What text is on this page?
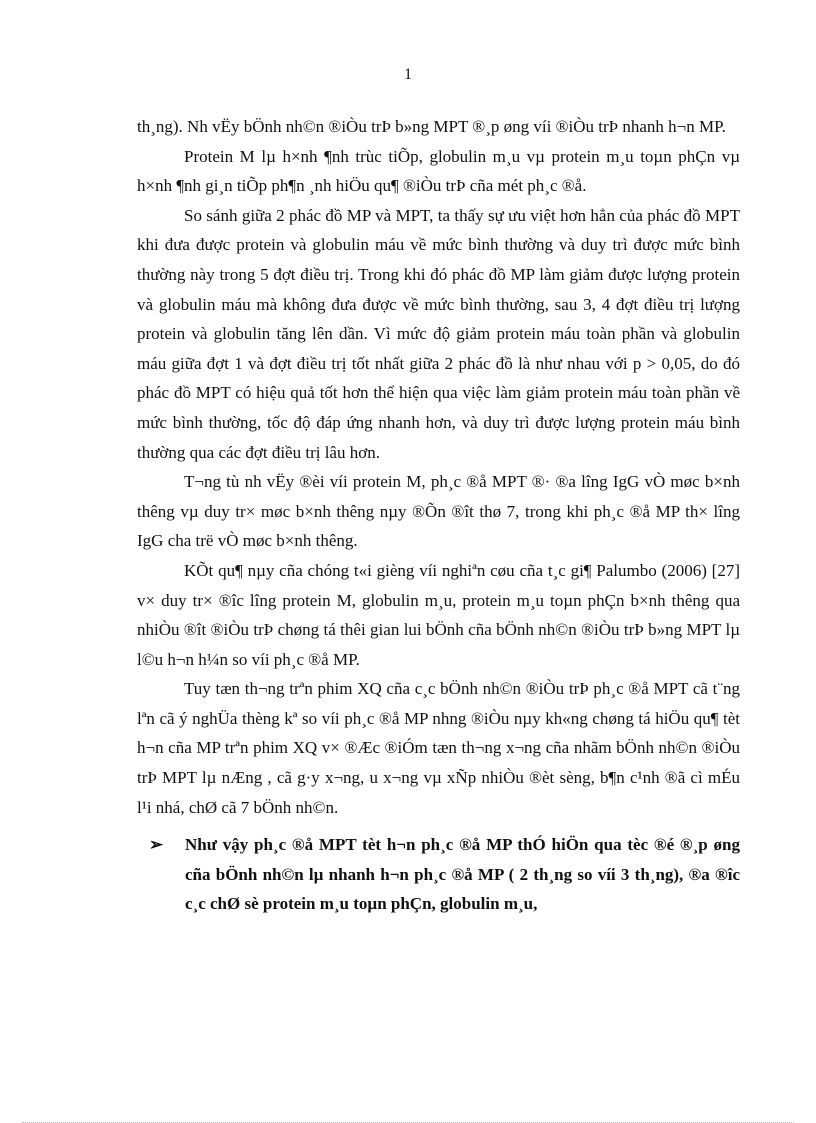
1

th¸ng). Nh vËy bÖnh nh©n ®iÒu trÞ b»ng MPT ®¸p øng víi ®iÒu trÞ nhanh h¬n MP.

Protein M lµ h×nh ¶nh trùc tiÕp, globulin m¸u vµ protein m¸u toµn phÇn vµ h×nh ¶nh gi¸n tiÕp ph¶n ¸nh hiÖu qu¶ ®iÒu trÞ cña mét ph¸c ®å.

So sánh giữa 2 phác đồ MP và MPT, ta thấy sự ưu việt hơn hẳn của phác đồ MPT khi đưa được protein và globulin máu về mức bình thường và duy trì được mức bình thường này trong 5 đợt điều trị. Trong khi đó phác đồ MP làm giảm được lượng protein và globulin máu mà không đưa được về mức bình thường, sau 3, 4 đợt điều trị lượng protein và globulin tăng lên dần. Vì mức độ giảm protein máu toàn phần và globulin máu giữa đợt 1 và đợt điều trị tốt nhất giữa 2 phác đồ là như nhau với p > 0,05, do đó phác đồ MPT có hiệu quả tốt hơn thể hiện qua việc làm giảm protein máu toàn phần về mức bình thường, tốc độ đáp ứng nhanh hơn, và duy trì được lượng protein máu bình thường qua các đợt điều trị lâu hơn.

T¬ng tù nh vËy ®èi víi protein M, ph¸c ®å MPT ®· ®a lîng IgG vÒ møc b×nh thêng vµ duy tr× møc b×nh thêng nµy ®Õn ®ît thø 7, trong khi ph¸c ®å MP th× lîng IgG cha trë vÒ møc b×nh thêng.

KÕt qu¶ nµy cña chóng t«i gièng víi nghiªn cøu cña t¸c gi¶ Palumbo (2006) [27] v× duy tr× ®îc lîng protein M, globulin m¸u, protein m¸u toµn phÇn b×nh thêng qua nhiÒu ®ît ®iÒu trÞ chøng tá thêi gian lui bÖnh cña bÖnh nh©n ®iÒu trÞ b»ng MPT lµ l©u h¬n h¼n so víi ph¸c ®å MP.

Tuy tæn th¬ng trªn phim XQ cña c¸c bÖnh nh©n ®iÒu trÞ ph¸c ®å MPT cã t¨ng lªn cã ý nghÜa thèng kª so víi ph¸c ®å MP nhng ®iÒu nµy kh«ng chøng tá hiÖu qu¶ tèt h¬n cña MP trªn phim XQ v× ®Æc ®iÓm tæn th¬ng x¬ng cña nhãm bÖnh nh©n ®iÒu trÞ MPT lµ nÆng , cã g·y x¬ng, u x¬ng vµ xÑp nhiÒu ®èt sèng, b¶n c¹nh ®ã cì mÉu l¹i nhá, chØ cã 7 bÖnh nh©n.

➢ Như vậy ph¸c ®å MPT tèt h¬n ph¸c ®å MP thÓ hiÖn qua tèc ®é ®¸p øng cña bÖnh nh©n lµ nhanh h¬n ph¸c ®å MP ( 2 th¸ng so víi 3 th¸ng), ®a ®îc c¸c chØ sè protein m¸u toµn phÇn, globulin m¸u,
